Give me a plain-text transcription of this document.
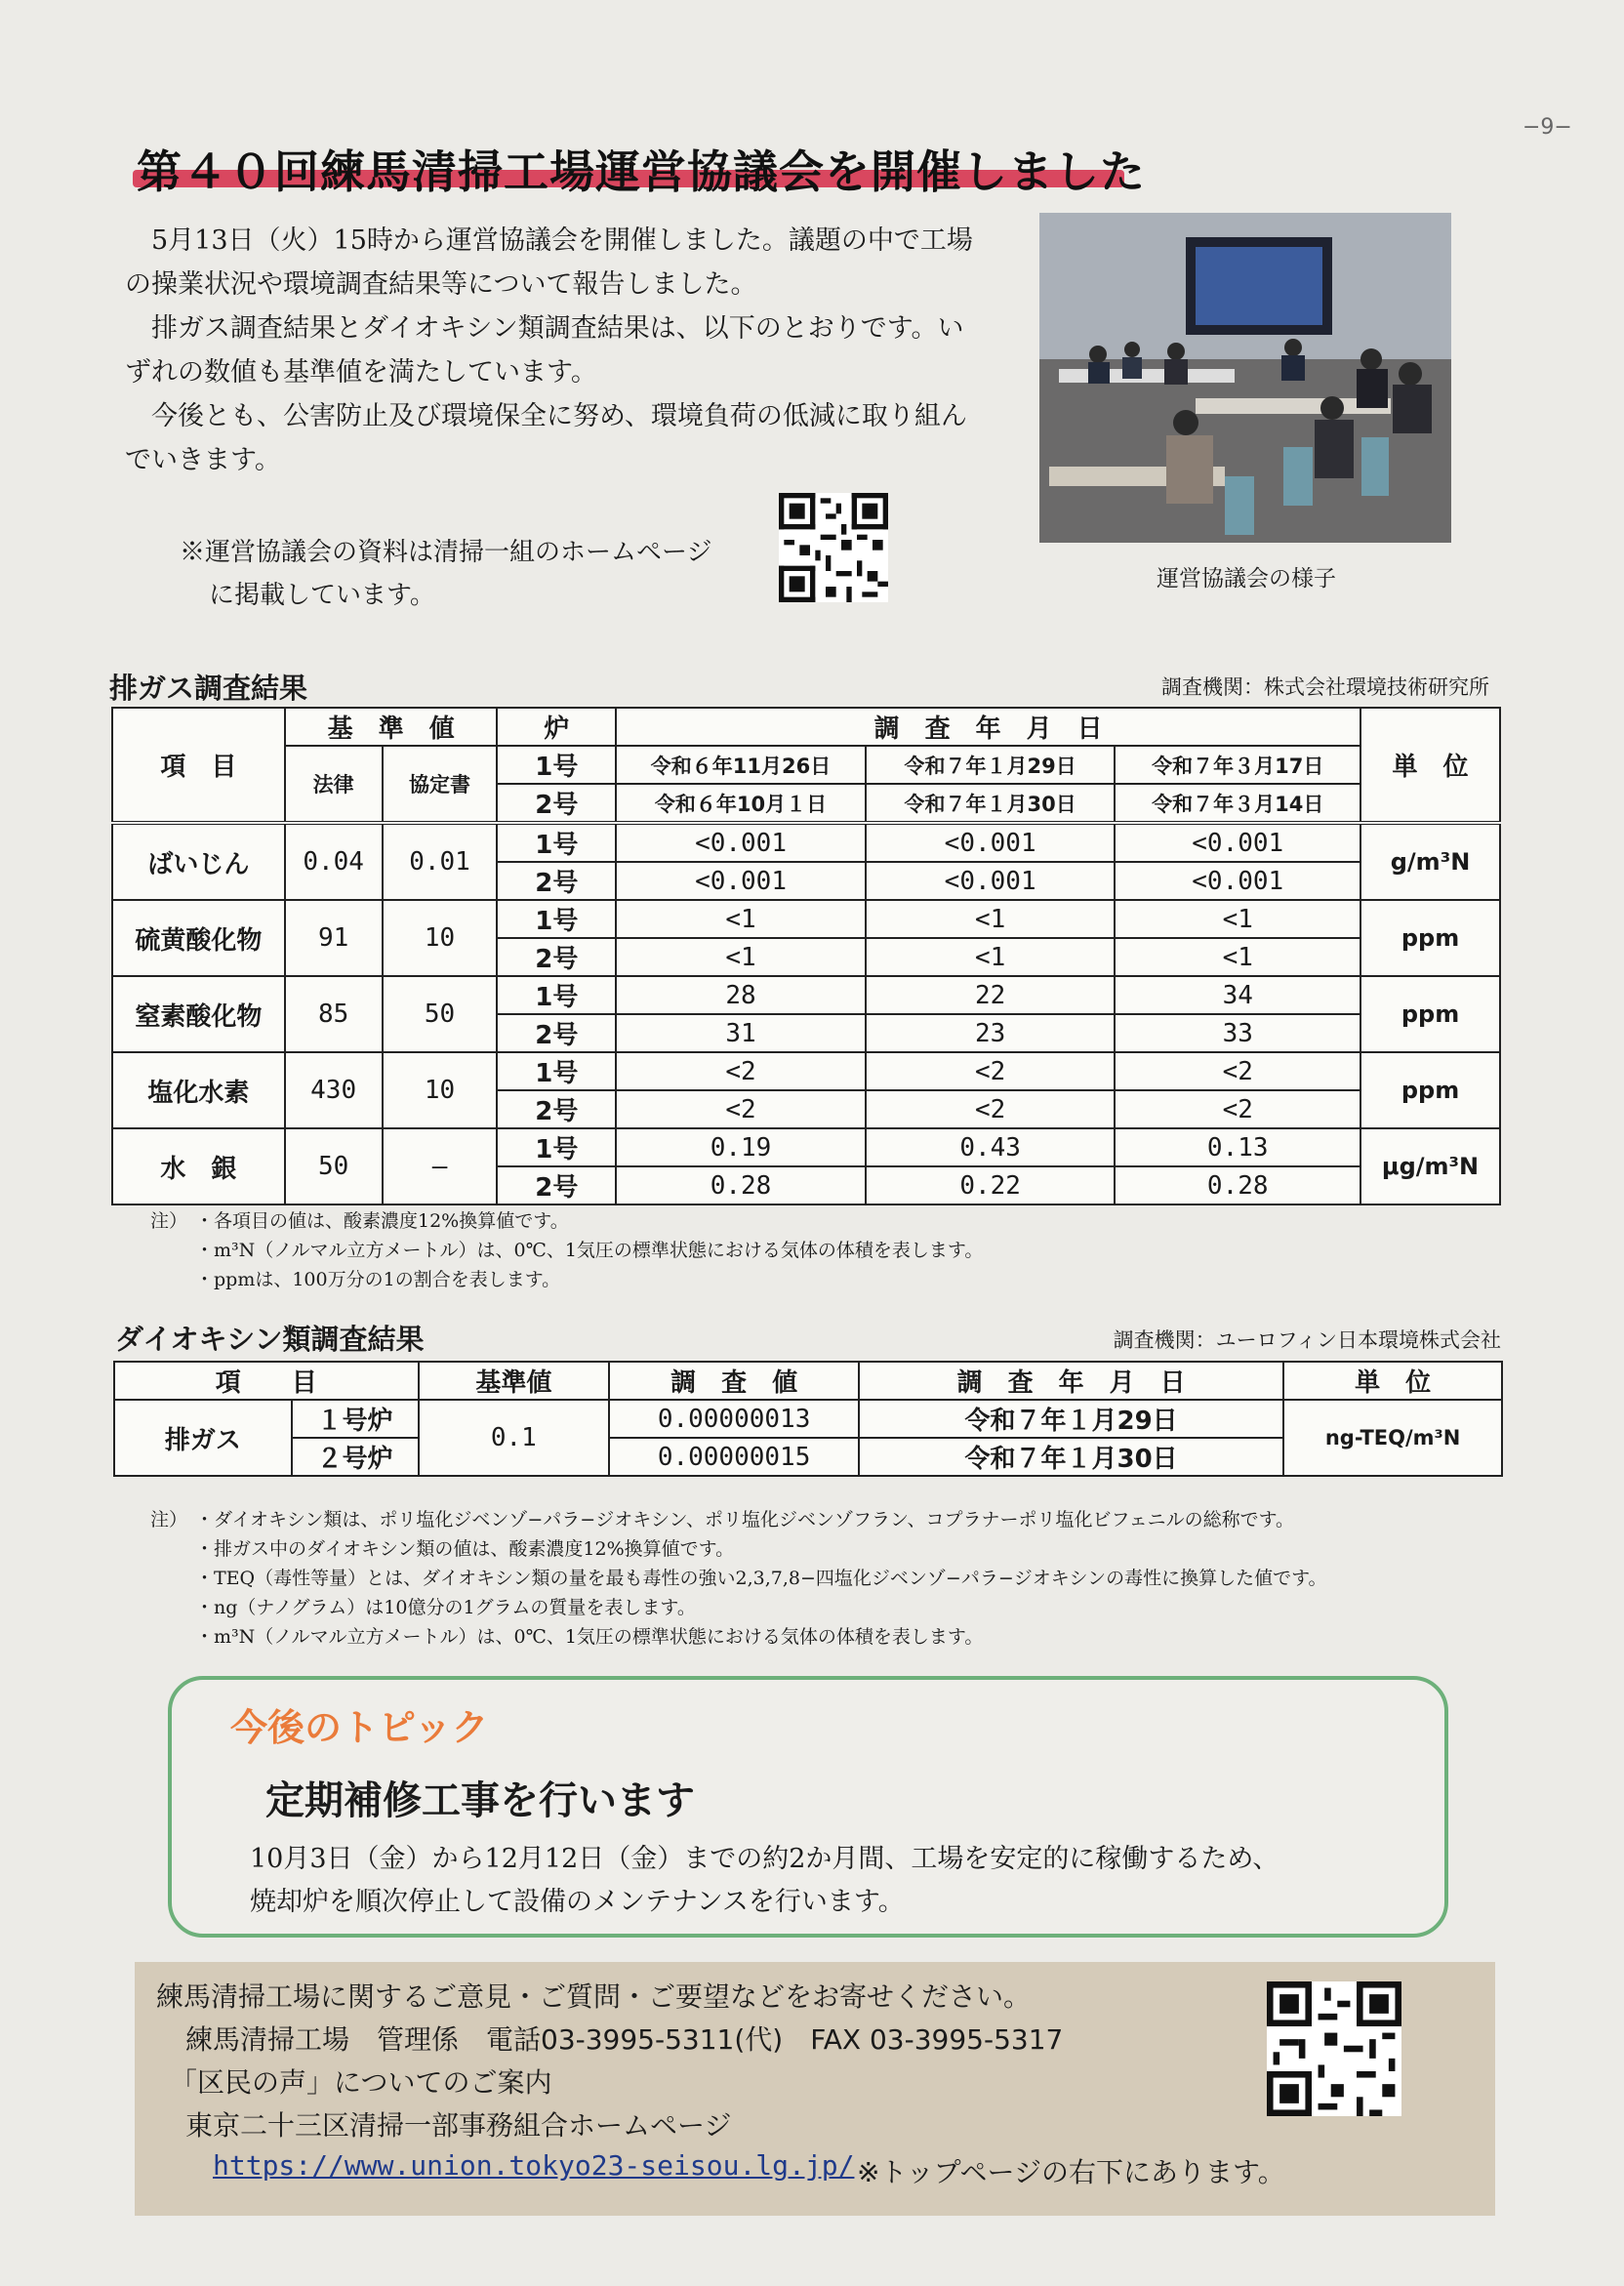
−9−
第４０回練馬清掃工場運営協議会を開催しました

5月13日（火）15時から運営協議会を開催しました。議題の中で工場の操業状況や環境調査結果等について報告しました。

排ガス調査結果とダイオキシン類調査結果は、以下のとおりです。いずれの数値も基準値を満たしています。

今後とも、公害防止及び環境保全に努め、環境負荷の低減に取り組んでいきます。

※運営協議会の資料は清掃一組のホームページ
に掲載しています。
運営協議会の様子
排ガス調査結果	調査機関：株式会社環境技術研究所
項　目	基　準　値		炉	調　査　年　月　日			単　位
	法律	協定書	1号	令和６年11月26日	令和７年１月29日	令和７年３月17日	
			2号	令和６年10月１日	令和７年１月30日	令和７年３月14日	
ばいじん	0.04	0.01	1号	<0.001	<0.001	<0.001	g/m³N
			2号	<0.001	<0.001	<0.001	
硫黄酸化物	91	10	1号	<1	<1	<1	ppm
			2号	<1	<1	<1	
窒素酸化物	85	50	1号	28	22	34	ppm
			2号	31	23	33	
塩化水素	430	10	1号	<2	<2	<2	ppm
			2号	<2	<2	<2	
水　銀	50	―	1号	0.19	0.43	0.13	μg/m³N
			2号	0.28	0.22	0.28	
注） ・各項目の値は、酸素濃度12%換算値です。
・m³N（ノルマル立方メートル）は、0℃、1気圧の標準状態における気体の体積を表します。
・ppmは、100万分の1の割合を表します。
ダイオキシン類調査結果	調査機関：ユーロフィン日本環境株式会社
項　　目		基準値	調　査　値	調　査　年　月　日	単　位
排ガス	１号炉	0.1	0.00000013	令和７年１月29日	ng-TEQ/m³N
	２号炉		0.00000015	令和７年１月30日	
注） ・ダイオキシン類は、ポリ塩化ジベンゾ−パラ−ジオキシン、ポリ塩化ジベンゾフラン、コプラナーポリ塩化ビフェニルの総称です。
・排ガス中のダイオキシン類の値は、酸素濃度12%換算値です。
・TEQ（毒性等量）とは、ダイオキシン類の量を最も毒性の強い2,3,7,8−四塩化ジベンゾ−パラ−ジオキシンの毒性に換算した値です。
・ng（ナノグラム）は10億分の1グラムの質量を表します。
・m³N（ノルマル立方メートル）は、0℃、1気圧の標準状態における気体の体積を表します。
今後のトピック
定期補修工事を行います
10月3日（金）から12月12日（金）までの約2か月間、工場を安定的に稼働するため、
焼却炉を順次停止して設備のメンテナンスを行います。
練馬清掃工場に関するご意見・ご質問・ご要望などをお寄せください。
練馬清掃工場　管理係　電話03-3995-5311(代)　FAX 03-3995-5317
「区民の声」についてのご案内
東京二十三区清掃一部事務組合ホームページ
https://www.union.tokyo23-seisou.lg.jp/ ※トップページの右下にあります。
